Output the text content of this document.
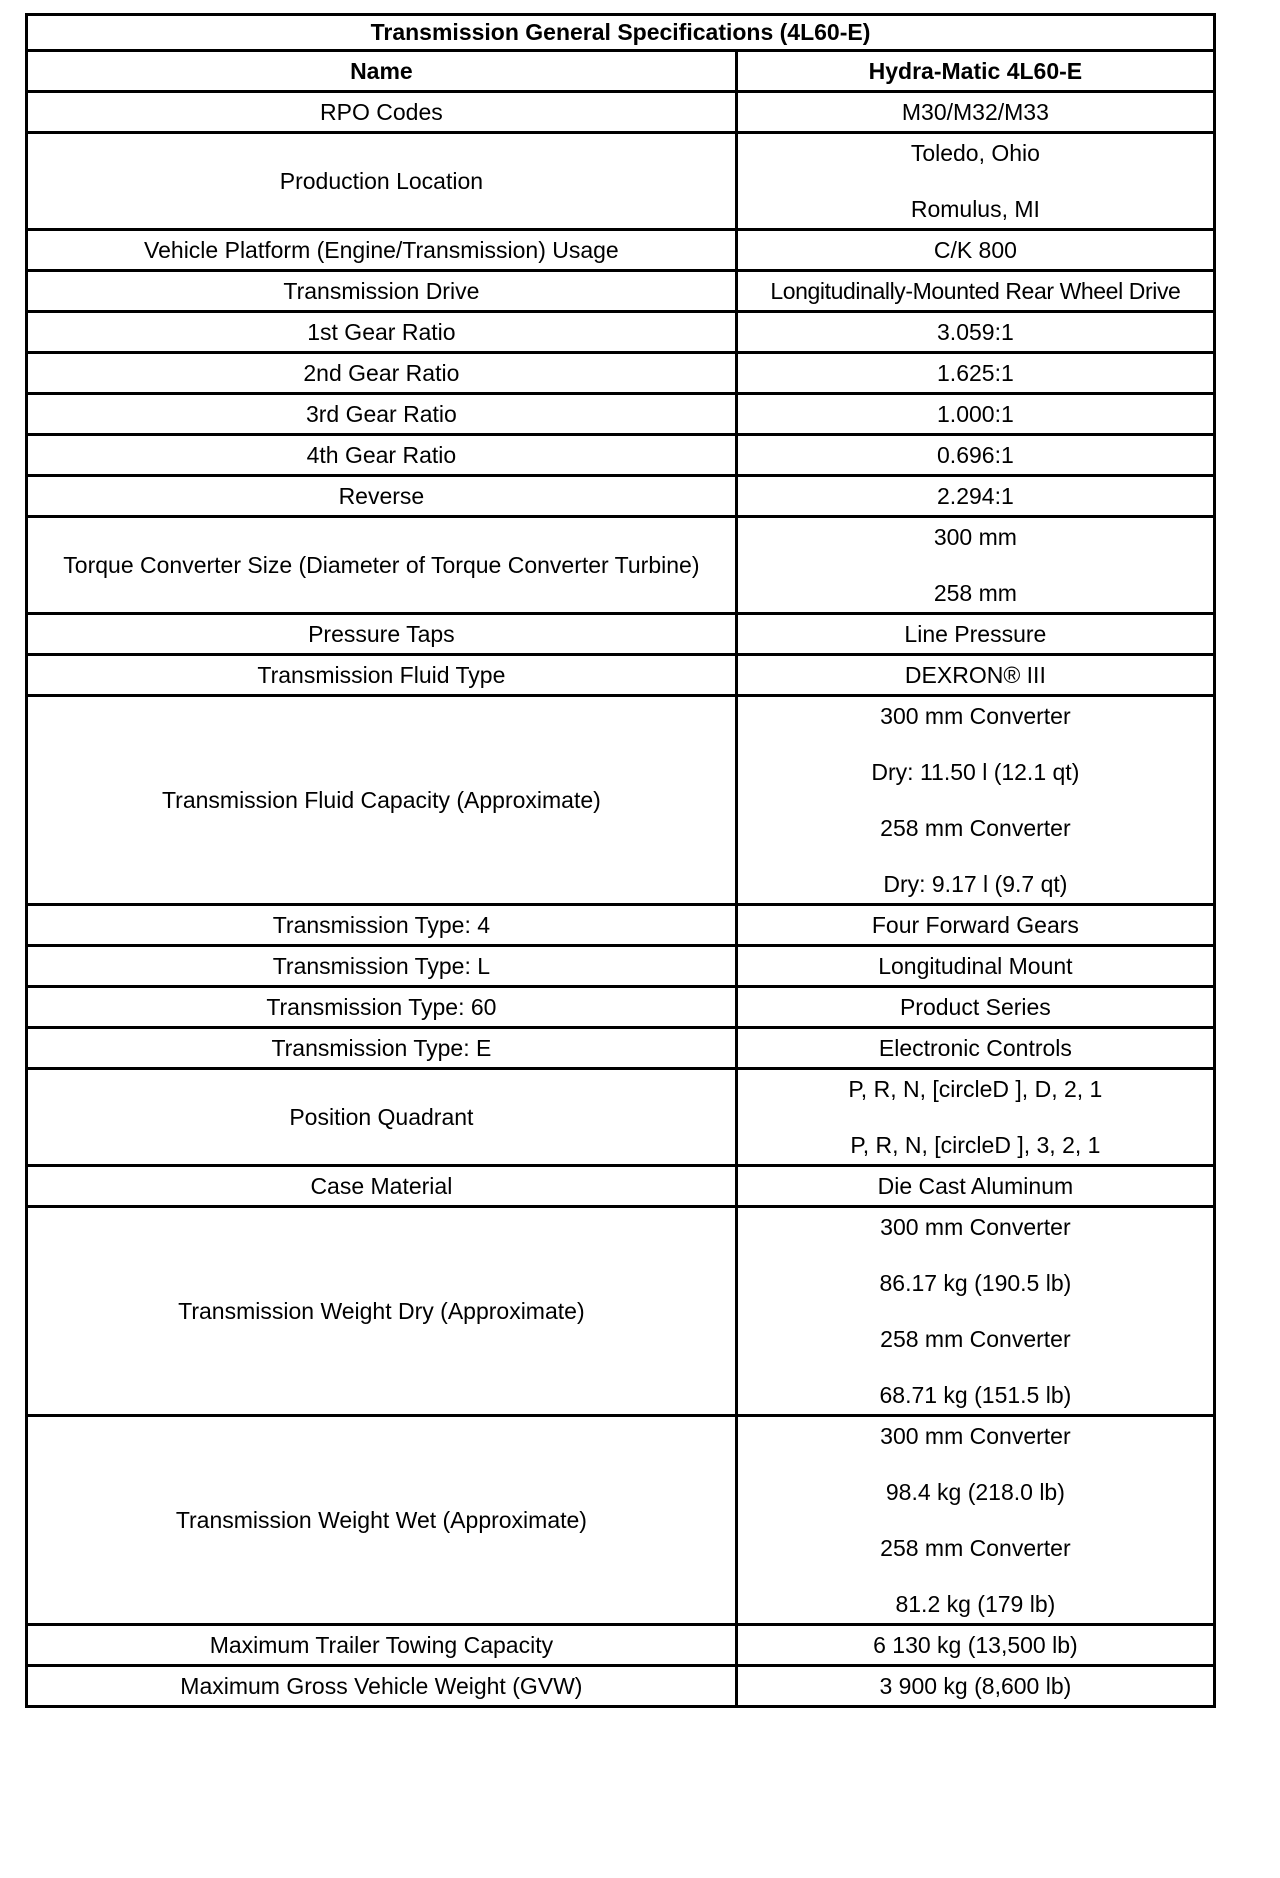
Transmission General Specifications (4L60-E)	
Name	Hydra-Matic 4L60-E
RPO Codes	M30/M32/M33
Production Location	Toledo, Ohio
Romulus, MI

Vehicle Platform (Engine/Transmission) Usage	C/K 800
Transmission Drive	Longitudinally-Mounted Rear Wheel Drive
1st Gear Ratio	3.059:1
2nd Gear Ratio	1.625:1
3rd Gear Ratio	1.000:1
4th Gear Ratio	0.696:1
Reverse	2.294:1
Torque Converter Size (Diameter of Torque Converter Turbine)	300 mm
258 mm

Pressure Taps	Line Pressure
Transmission Fluid Type	DEXRON® III
Transmission Fluid Capacity (Approximate)	300 mm Converter
Dry: 11.50 l (12.1 qt)
258 mm Converter
Dry: 9.17 l (9.7 qt)

Transmission Type: 4	Four Forward Gears
Transmission Type: L	Longitudinal Mount
Transmission Type: 60	Product Series
Transmission Type: E	Electronic Controls
Position Quadrant	P, R, N, [circleD ], D, 2, 1
P, R, N, [circleD ], 3, 2, 1

Case Material	Die Cast Aluminum
Transmission Weight Dry (Approximate)	300 mm Converter
86.17 kg (190.5 lb)
258 mm Converter
68.71 kg (151.5 lb)

Transmission Weight Wet (Approximate)	300 mm Converter
98.4 kg (218.0 lb)
258 mm Converter
81.2 kg (179 lb)

Maximum Trailer Towing Capacity	6 130 kg (13,500 lb)
Maximum Gross Vehicle Weight (GVW)	3 900 kg (8,600 lb)
